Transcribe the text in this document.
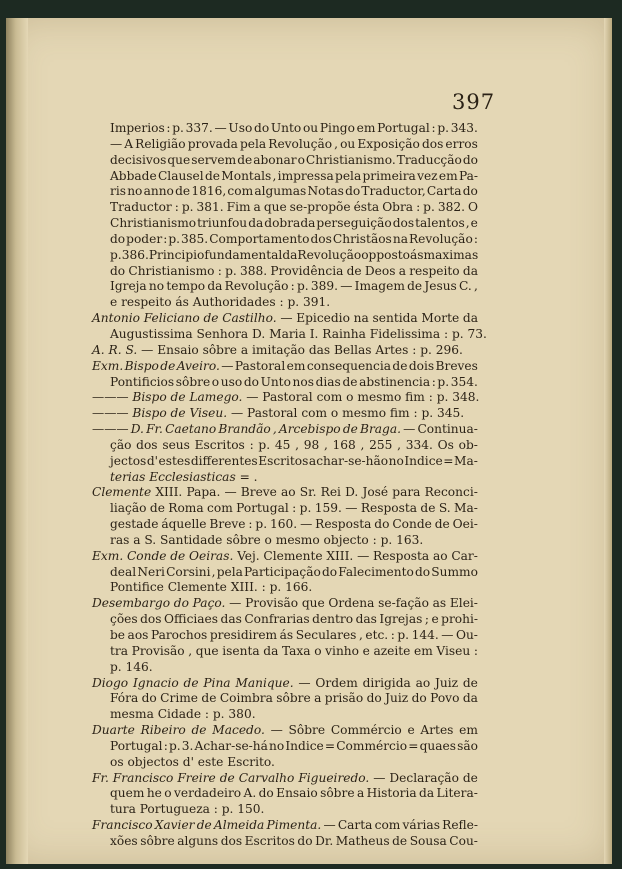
397

Imperios : p. 337. — Uso do Unto ou Pingo em Portugal : p. 343.

— A Religião provada pela Revolução , ou Exposição dos erros

decisivos que servem de abonar o Christianismo. Traducção do

Abbade Clausel de Montals , impressa pela primeira vez em Pa-

ris no anno de 1816, com algumas Notas do Traductor, Carta do

Traductor : p. 381. Fim a que se-propõe ésta Obra : p. 382. O

Christianismo triunfou da dobrada perseguição dos talentos , e

do poder : p. 385. Comportamento dos Christãos na Revolução :

p. 386. Principio fundamental da Revolução opposto ás maximas

do Christianismo : p. 388. Providência de Deos a respeito da

Igreja no tempo da Revolução : p. 389. — Imagem de Jesus C. ,

e respeito ás Authoridades : p. 391.

Antonio Feliciano de Castilho. — Epicedio na sentida Morte da

Augustissima Senhora D. Maria I. Rainha Fidelissima : p. 73.

A. R. S. — Ensaio sôbre a imitação das Bellas Artes : p. 296.

Exm. Bispo de Aveiro. — Pastoral em consequencia de dois Breves

Pontificios sôbre o uso do Unto nos dias de abstinencia : p. 354.

——— Bispo de Lamego. — Pastoral com o mesmo fim : p. 348.

——— Bispo de Viseu. — Pastoral com o mesmo fim : p. 345.

——— D. Fr. Caetano Brandão , Arcebispo de Braga. — Continua-

ção dos seus Escritos : p. 45 , 98 , 168 , 255 , 334. Os ob-

jectos d' estes differentes Escritos achar-se-hão no Indice = Ma-

terias Ecclesiasticas = .

Clemente XIII. Papa. — Breve ao Sr. Rei D. José para Reconci-

liação de Roma com Portugal : p. 159. — Resposta de S. Ma-

gestade áquelle Breve : p. 160. — Resposta do Conde de Oei-

ras a S. Santidade sôbre o mesmo objecto : p. 163.

Exm. Conde de Oeiras. Vej. Clemente XIII. — Resposta ao Car-

deal Neri Corsini , pela Participação do Falecimento do Summo

Pontifice Clemente XIII. : p. 166.

Desembargo do Paço. — Provisão que Ordena se-fação as Elei-

ções dos Officiaes das Confrarias dentro das Igrejas ; e prohi-

be aos Parochos presidirem ás Seculares , etc. : p. 144. — Ou-

tra Provisão , que isenta da Taxa o vinho e azeite em Viseu :

p. 146.

Diogo Ignacio de Pina Manique. — Ordem dirigida ao Juiz de

Fóra do Crime de Coimbra sôbre a prisão do Juiz do Povo da

mesma Cidade : p. 380.

Duarte Ribeiro de Macedo. — Sôbre Commércio e Artes em

Portugal : p. 3. Achar-se-há no Indice = Commércio = quaes são

os objectos d' este Escrito.

Fr. Francisco Freire de Carvalho Figueiredo. — Declaração de

quem he o verdadeiro A. do Ensaio sôbre a Historia da Litera-

tura Portugueza : p. 150.

Francisco Xavier de Almeida Pimenta. — Carta com várias Refle-

xões sôbre alguns dos Escritos do Dr. Matheus de Sousa Cou-
